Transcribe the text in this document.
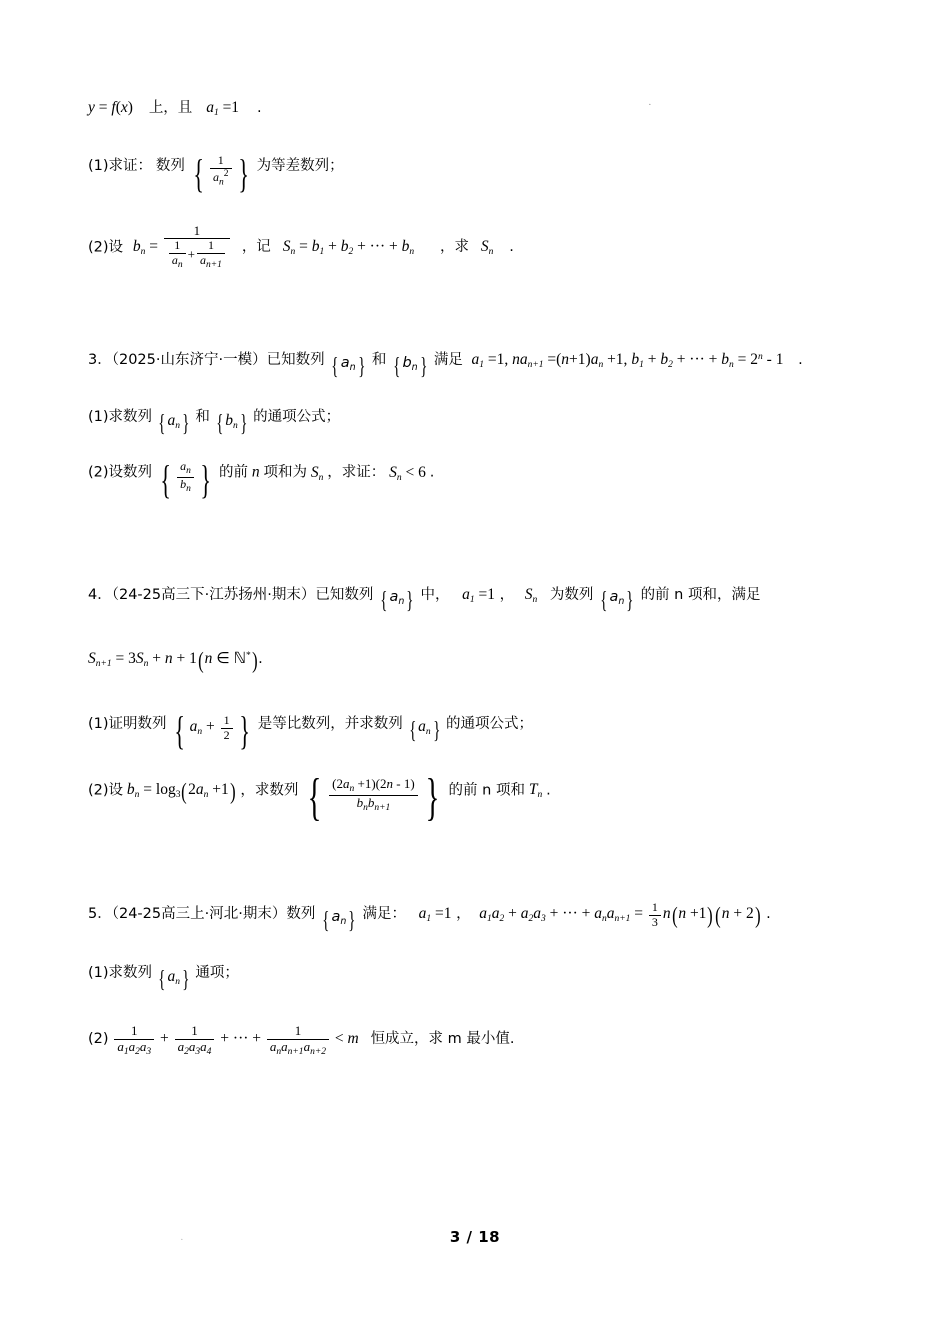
·
·
y = f(x) 上，且 $a_1 =1$ .
(1)求证： 数列 { $\frac{1}{a_n^2}$ } 为等差数列；
(2)设 $b_n = \frac{1}{\frac{1}{a_n} + \frac{1}{a_{n+1}}}$ ，记 $S_n = b_1 + b_2$ + ··· + $b_n$ ，求 $S_n$ .
3．（2025·山东济宁·一模）已知数列 { $a_n$} 和 { $b_n$} 满足 $a_1 =1$, $na_{n+1} =(n+1)a_n +1$, $b_1 + b_2$ + ··· + $b_n = 2^n - 1$ .
(1)求数列 { $a_n$} 和 { $b_n$} 的通项公式；
(2)设数列 { $\frac{a_n}{b_n}$ } 的前 n 项和为 $S_n$ ，求证： $S_n < 6$ .
4．（24-25高三下·江苏扬州·期末）已知数列 { $a_n$} 中， $a_1 =1$ ， $S_n$ 为数列 { $a_n$} 的前 n 项和，满足
$S_{n+1} = 3S_n + n + 1(n$ ∈ ℕ*).
(1)证明数列 { $a_n + \frac{1}{2}$ } 是等比数列，并求数列 { $a_n$} 的通项公式；
(2)设 $b_n = \log_3(2a_n +1)$ ，求数列 { $\frac{(2a_n +1)(2n - 1)}{b_nb_{n+1}}$ } 的前 n 项和 $T_n$ .
5．（24-25高三上·河北·期末）数列 { $a_n$} 满足： $a_1 =1$ ， $a_1a_2 + a_2a_3$ + ··· + $a_na_{n+1} = \frac{1}{3} n(n +1)(n + 2)$ .
(1)求数列 { $a_n$} 通项；
$(2) \frac{1}{a_1a_2a_3} + \frac{1}{a_2a_3a_4}$ + ··· + $\frac{1}{a_na_{n+1}a_{n+2}} < m$ 恒成立，求 m 最小值.
3 / 18
